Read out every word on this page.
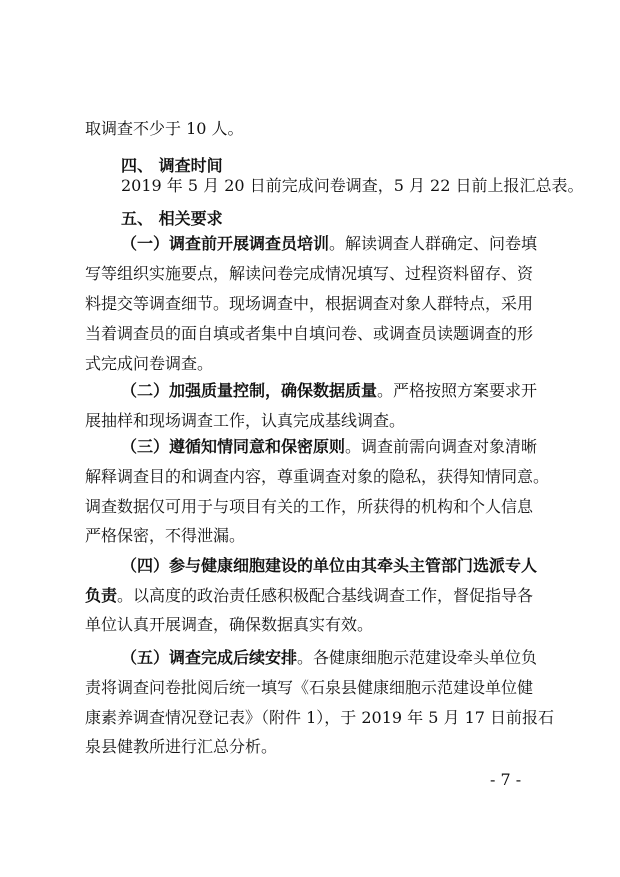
取调查不少于 10 人。
四、 调查时间
2019 年 5 月 20 日前完成问卷调查，5 月 22 日前上报汇总表。
五、 相关要求
（一）调查前开展调查员培训。解读调查人群确定、问卷填
写等组织实施要点，解读问卷完成情况填写、过程资料留存、资
料提交等调查细节。现场调查中，根据调查对象人群特点，采用
当着调查员的面自填或者集中自填问卷、或调查员读题调查的形
式完成问卷调查。
（二）加强质量控制，确保数据质量。严格按照方案要求开
展抽样和现场调查工作，认真完成基线调查。
（三）遵循知情同意和保密原则。调查前需向调查对象清晰
解释调查目的和调查内容，尊重调查对象的隐私，获得知情同意。
调查数据仅可用于与项目有关的工作，所获得的机构和个人信息
严格保密，不得泄漏。
（四）参与健康细胞建设的单位由其牵头主管部门选派专人
负责。以高度的政治责任感积极配合基线调查工作，督促指导各
单位认真开展调查，确保数据真实有效。
（五）调查完成后续安排。各健康细胞示范建设牵头单位负
责将调查问卷批阅后统一填写《石泉县健康细胞示范建设单位健
康素养调查情况登记表》（附件 1），于 2019 年 5 月 17 日前报石
泉县健教所进行汇总分析。
- 7 -
